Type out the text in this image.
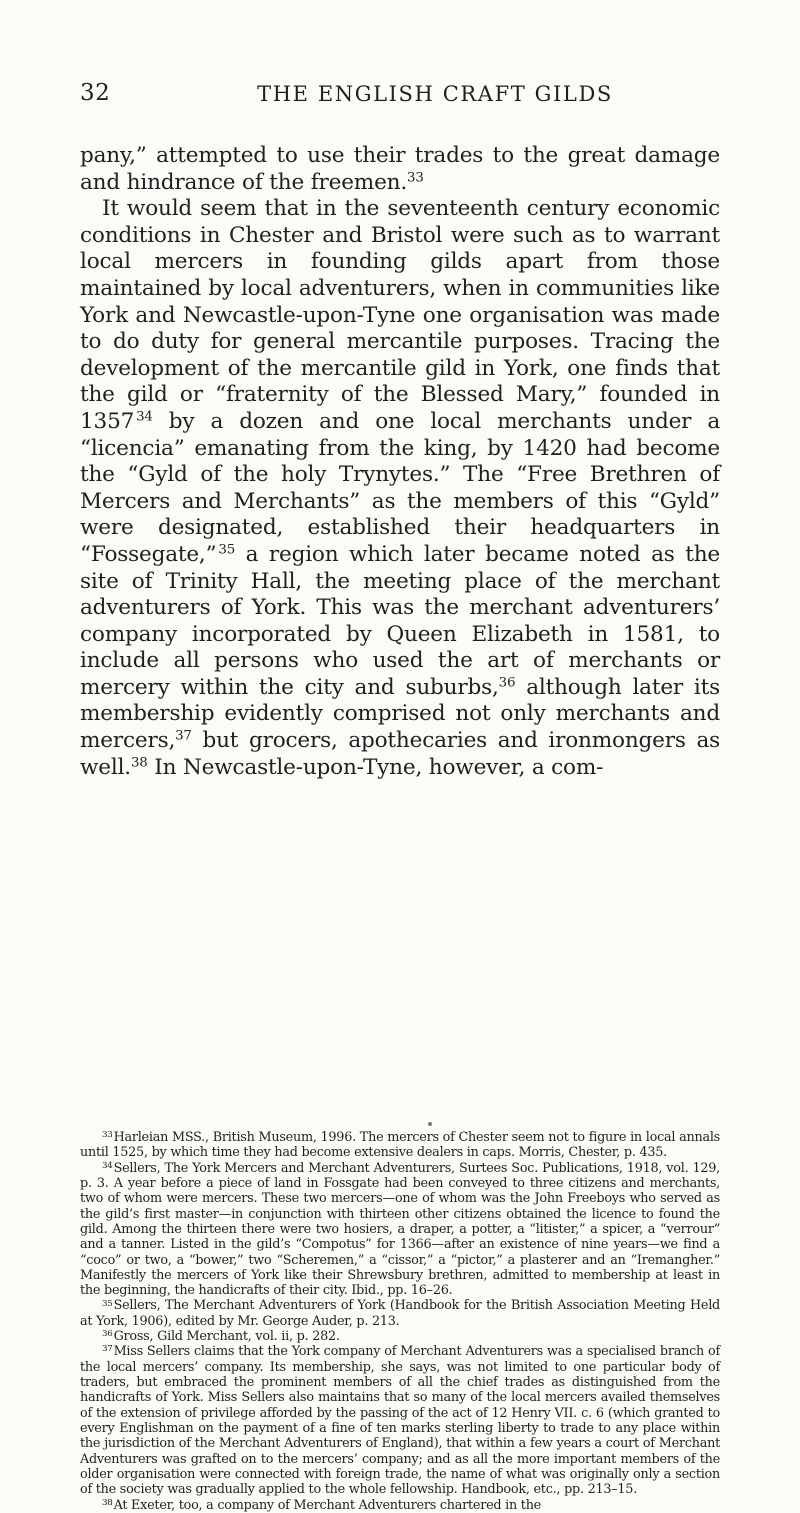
32	THE ENGLISH CRAFT GILDS

pany,” attempted to use their trades to the great damage and hindrance of the freemen.$^{33}$

It would seem that in the seventeenth century economic conditions in Chester and Bristol were such as to warrant local mercers in founding gilds apart from those maintained by local adventurers, when in communities like York and Newcastle-upon-Tyne one organisation was made to do duty for general mercantile purposes. Tracing the development of the mercantile gild in York, one finds that the gild or “fraternity of the Blessed Mary,” founded in 1357  $^{34}$ by a dozen and one local merchants under a “licencia” emanating from the king, by 1420 had become the “Gyld of the holy Trynytes.” The “Free Brethren of Mercers and Merchants” as the members of this “Gyld” were designated, established their headquarters in “Fossegate,”  $^{35}$ a region which later became noted as the site of Trinity Hall, the meeting place of the merchant adventurers of York. This was the merchant adventurers’ company incorporated by Queen Elizabeth in 1581, to include all persons who used the art of merchants or mercery within the city and suburbs,$^{36}$ although later its membership evidently comprised not only merchants and mercers,$^{37}$ but grocers, apothecaries and ironmongers as well.$^{38}$ In Newcastle-upon-Tyne, however, a com-

$^{33}$Harleian MSS., British Museum, 1996. The mercers of Chester seem not to figure in local annals until 1525, by which time they had become extensive dealers in caps. Morris, Chester, p. 435.

$^{34}$Sellers, The York Mercers and Merchant Adventurers, Surtees Soc. Publications, 1918, vol. 129, p. 3. A year before a piece of land in Fossgate had been conveyed to three citizens and merchants, two of whom were mercers. These two mercers—one of whom was the John Freeboys who served as the gild’s first master—in conjunction with thirteen other citizens obtained the licence to found the gild. Among the thirteen there were two hosiers, a draper, a potter, a “litister,” a spicer, a “verrour” and a tanner. Listed in the gild’s “Compotus” for 1366—after an existence of nine years—we find a “coco” or two, a “bower,” two “Scheremen,” a “cissor,” a “pictor,” a plasterer and an “Iremangher.” Manifestly the mercers of York like their Shrewsbury brethren, admitted to membership at least in the beginning, the handicrafts of their city. Ibid., pp. 16–26.

$^{35}$Sellers, The Merchant Adventurers of York (Handbook for the British Association Meeting Held at York, 1906), edited by Mr. George Auder, p. 213.

$^{36}$Gross, Gild Merchant, vol. ii, p. 282.

$^{37}$Miss Sellers claims that the York company of Merchant Adventurers was a specialised branch of the local mercers’ company. Its membership, she says, was not limited to one particular body of traders, but embraced the prominent members of all the chief trades as distinguished from the handicrafts of York. Miss Sellers also maintains that so many of the local mercers availed themselves of the extension of privilege afforded by the passing of the act of 12 Henry VII. c. 6 (which granted to every Englishman on the payment of a fine of ten marks sterling liberty to trade to any place within the jurisdiction of the Merchant Adventurers of England), that within a few years a court of Merchant Adventurers was grafted on to the mercers’ company; and as all the more important members of the older organisation were connected with foreign trade, the name of what was originally only a section of the society was gradually applied to the whole fellowship. Handbook, etc., pp. 213–15.

$^{38}$At Exeter, too, a company of Merchant Adventurers chartered in the
